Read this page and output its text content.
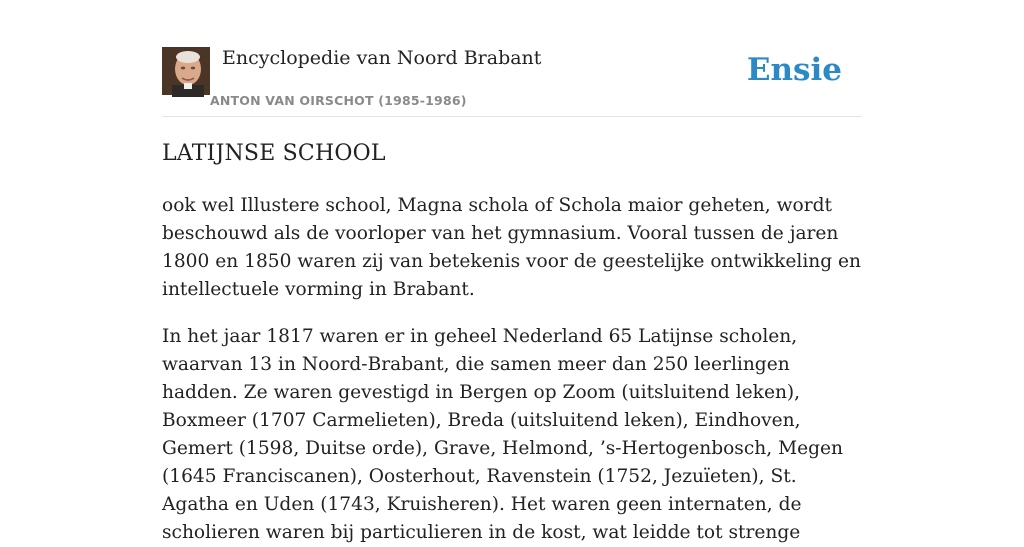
Encyclopedie van Noord Brabant
ANTON VAN OIRSCHOT (1985-1986)
Ensie
LATIJNSE SCHOOL

ook wel Illustere school, Magna schola of Schola maior geheten, wordt beschouwd als de voorloper van het gymnasium. Vooral tussen de jaren 1800 en 1850 waren zij van betekenis voor de geestelijke ontwikkeling en intellectuele vorming in Brabant.

In het jaar 1817 waren er in geheel Nederland 65 Latijnse scholen, waarvan 13 in Noord-Brabant, die samen meer dan 250 leerlingen hadden. Ze waren gevestigd in Bergen op Zoom (uitsluitend leken), Boxmeer (1707 Carmelieten), Breda (uitsluitend leken), Eindhoven, Gemert (1598, Duitse orde), Grave, Helmond, ’s-Hertogenbosch, Megen (1645 Franciscanen), Oosterhout, Ravenstein (1752, Jezuïeten), St. Agatha en Uden (1743, Kruisheren). Het waren geen internaten, de scholieren waren bij particulieren in de kost, wat leidde tot strenge
